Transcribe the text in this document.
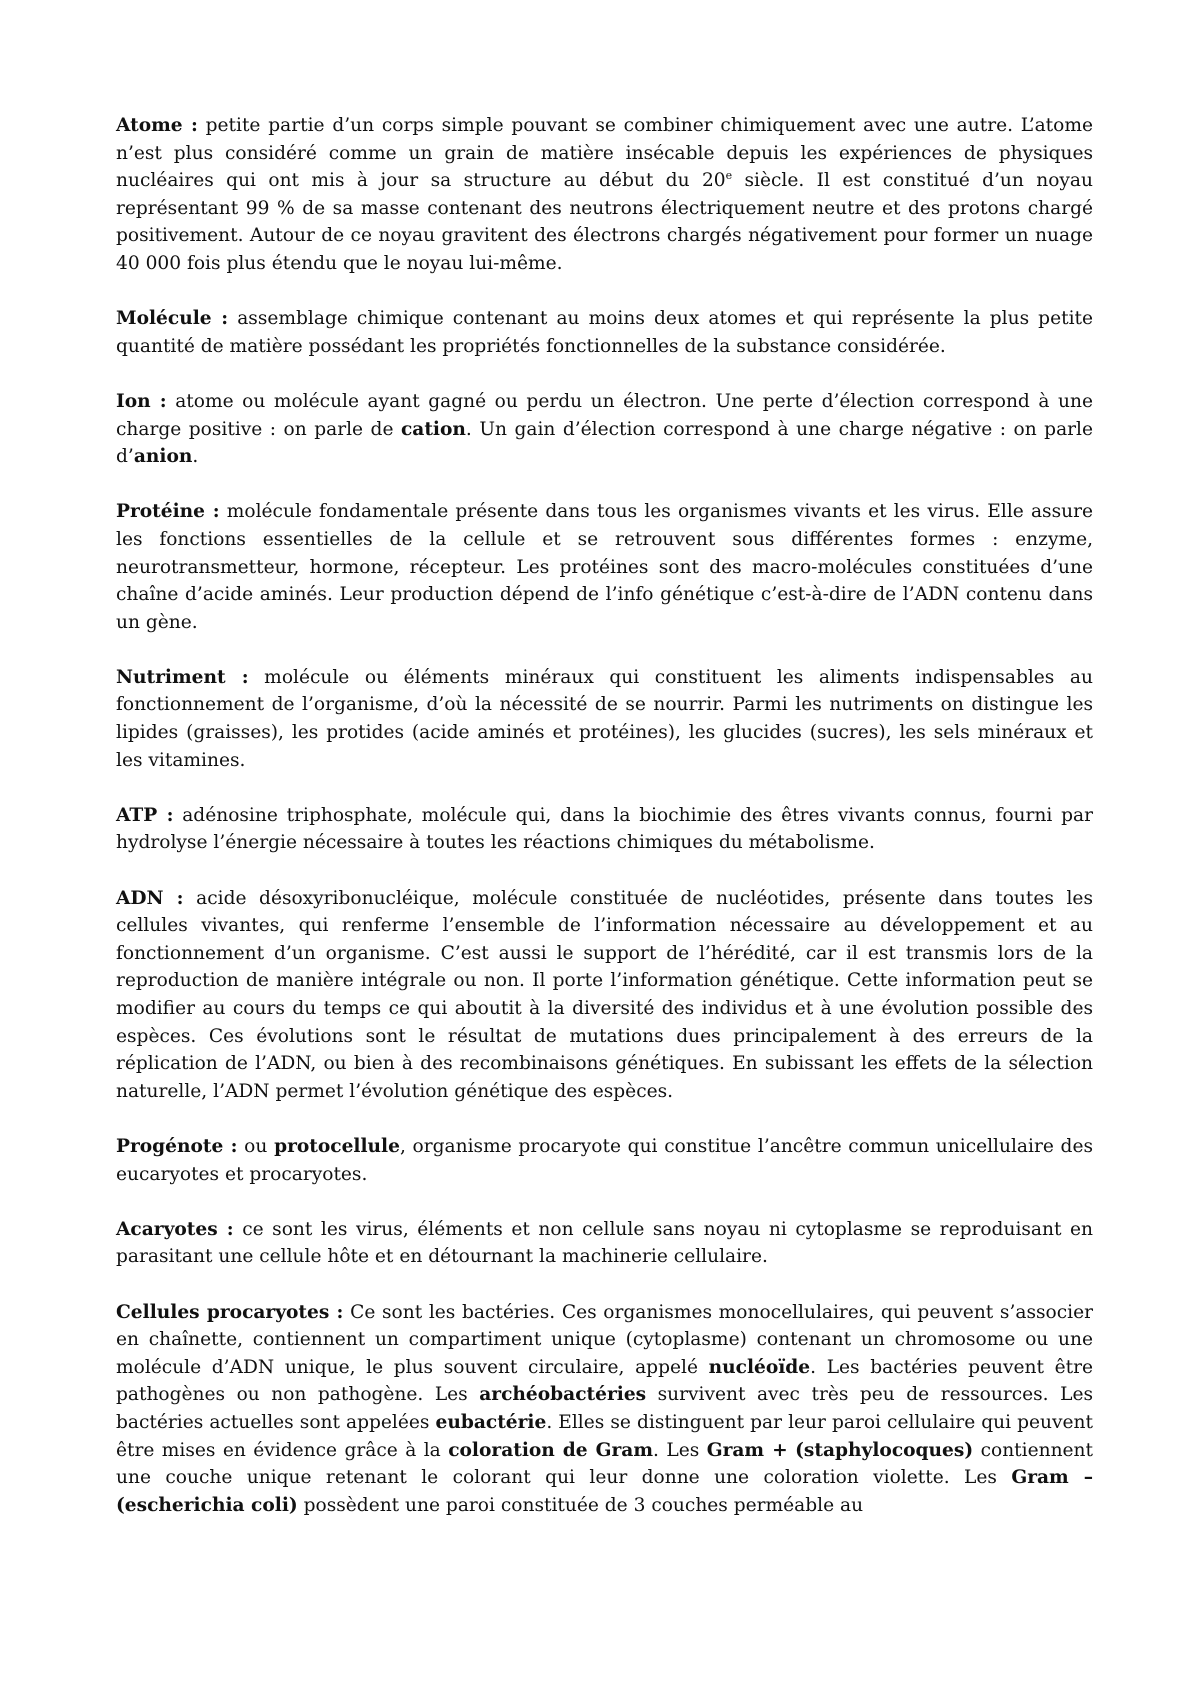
Atome : petite partie d’un corps simple pouvant se combiner chimiquement avec une autre. L’atome n’est plus considéré comme un grain de matière insécable depuis les expériences de physiques nucléaires qui ont mis à jour sa structure au début du 20e siècle. Il est constitué d’un noyau représentant 99 % de sa masse contenant des neutrons électriquement neutre et des protons chargé positivement. Autour de ce noyau gravitent des électrons chargés négativement pour former un nuage 40 000 fois plus étendu que le noyau lui-même.

Molécule : assemblage chimique contenant au moins deux atomes et qui représente la plus petite quantité de matière possédant les propriétés fonctionnelles de la substance considérée.

Ion : atome ou molécule ayant gagné ou perdu un électron. Une perte d’élection correspond à une charge positive : on parle de cation. Un gain d’élection correspond à une charge négative : on parle d’anion.

Protéine : molécule fondamentale présente dans tous les organismes vivants et les virus. Elle assure les fonctions essentielles de la cellule et se retrouvent sous différentes formes : enzyme, neurotransmetteur, hormone, récepteur. Les protéines sont des macro-molécules constituées d’une chaîne d’acide aminés. Leur production dépend de l’info génétique c’est-à-dire de l’ADN contenu dans un gène.

Nutriment : molécule ou éléments minéraux qui constituent les aliments indispensables au fonctionnement de l’organisme, d’où la nécessité de se nourrir. Parmi les nutriments on distingue les lipides (graisses), les protides (acide aminés et protéines), les glucides (sucres), les sels minéraux et les vitamines.

ATP : adénosine triphosphate, molécule qui, dans la biochimie des êtres vivants connus, fourni par hydrolyse l’énergie nécessaire à toutes les réactions chimiques du métabolisme.

ADN : acide désoxyribonucléique, molécule constituée de nucléotides, présente dans toutes les cellules vivantes, qui renferme l’ensemble de l’information nécessaire au développement et au fonctionnement d’un organisme. C’est aussi le support de l’hérédité, car il est transmis lors de la reproduction de manière intégrale ou non. Il porte l’information génétique. Cette information peut se modifier au cours du temps ce qui aboutit à la diversité des individus et à une évolution possible des espèces. Ces évolutions sont le résultat de mutations dues principalement à des erreurs de la réplication de l’ADN, ou bien à des recombinaisons génétiques. En subissant les effets de la sélection naturelle, l’ADN permet l’évolution génétique des espèces.

Progénote : ou protocellule, organisme procaryote qui constitue l’ancêtre commun unicellulaire des eucaryotes et procaryotes.

Acaryotes : ce sont les virus, éléments et non cellule sans noyau ni cytoplasme se reproduisant en parasitant une cellule hôte et en détournant la machinerie cellulaire.

Cellules procaryotes : Ce sont les bactéries. Ces organismes monocellulaires, qui peuvent s’associer en chaînette, contiennent un compartiment unique (cytoplasme) contenant un chromosome ou une molécule d’ADN unique, le plus souvent circulaire, appelé nucléoïde. Les bactéries peuvent être pathogènes ou non pathogène. Les archéobactéries survivent avec très peu de ressources. Les bactéries actuelles sont appelées eubactérie. Elles se distinguent par leur paroi cellulaire qui peuvent être mises en évidence grâce à la coloration de Gram. Les Gram + (staphylocoques) contiennent une couche unique retenant le colorant qui leur donne une coloration violette. Les Gram – (escherichia coli) possèdent une paroi constituée de 3 couches perméable au
